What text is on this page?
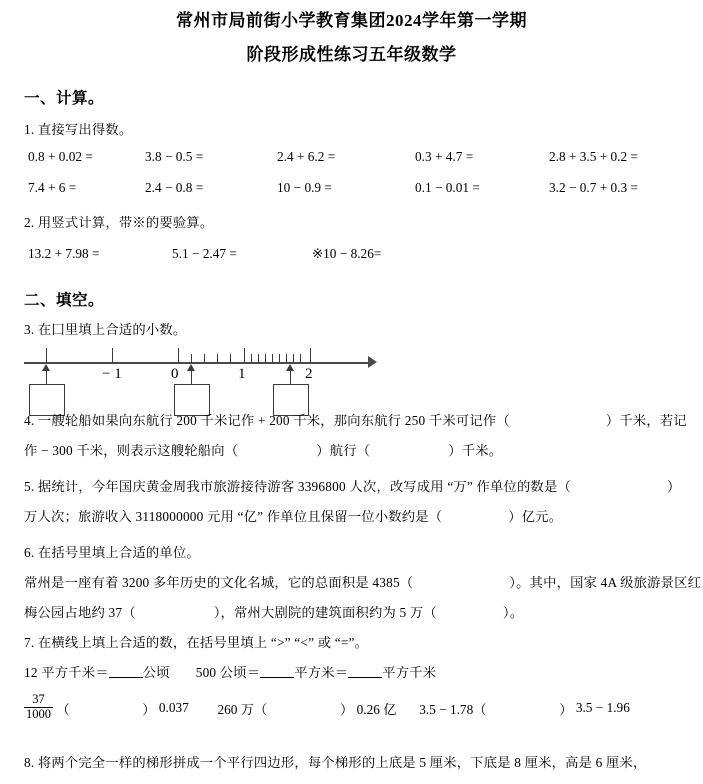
常州市局前街小学教育集团2024学年第一学期
阶段形成性练习五年级数学
一、计算。
1. 直接写出得数。
0.8 + 0.02 =	3.8 − 0.5 =	2.4 + 6.2 =	0.3 + 4.7 =	2.8 + 3.5 + 0.2 =
7.4 + 6 =	2.4 − 0.8 =	10 − 0.9 =	0.1 − 0.01 =	3.2 − 0.7 + 0.3 =
2. 用竖式计算，带※的要验算。
13.2 + 7.98 =	5.1 − 2.47 =	※10 − 8.26=
二、填空。
3. 在囗里填上合适的小数。
− 1	0	1	2
4. 一艘轮船如果向东航行 200 千米记作 + 200 千米，那向东航行 250 千米可记作（	）千米，若记
作 − 300 千米，则表示这艘轮船向（	）航行（	）千米。
5. 据统计，今年国庆黄金周我市旅游接待游客 3396800 人次，改写成用 “万” 作单位的数是（	）
万人次；旅游收入 3118000000 元用 “亿” 作单位且保留一位小数约是（	）亿元。
6. 在括号里填上合适的单位。
常州是一座有着 3200 多年历史的文化名城，它的总面积是 4385（	）。其中，国家 4A 级旅游景区红
梅公园占地约 37（	），常州大剧院的建筑面积约为 5 万（	）。
7. 在横线上填上合适的数，在括号里填上 “>” “<” 或 “=”。
12 平方千米＝	公顷 500 公顷＝	平方米＝	平方千米
$\frac{37}{1000}$ （	） 0.037 260 万（	） 0.26 亿 3.5 − 1.78（	） 3.5 − 1.96
8. 将两个完全一样的梯形拼成一个平行四边形，每个梯形的上底是 5 厘米，下底是 8 厘米，高是 6 厘米，
